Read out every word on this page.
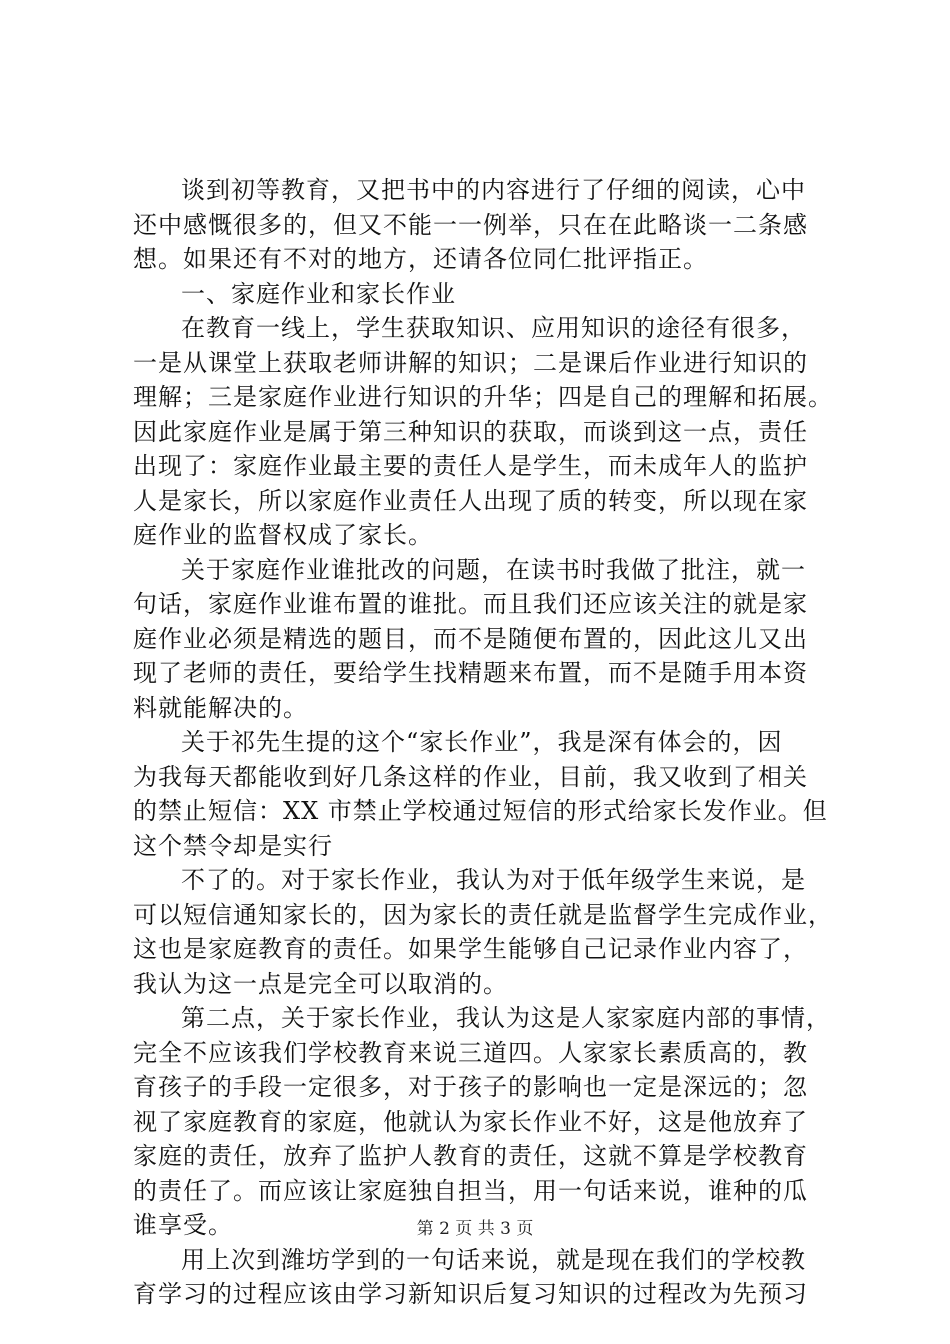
谈到初等教育，又把书中的内容进行了仔细的阅读，心中
还中感慨很多的，但又不能一一例举，只在在此略谈一二条感
想。如果还有不对的地方，还请各位同仁批评指正。
一、家庭作业和家长作业
在教育一线上，学生获取知识、应用知识的途径有很多，
一是从课堂上获取老师讲解的知识；二是课后作业进行知识的
理解；三是家庭作业进行知识的升华；四是自己的理解和拓展。
因此家庭作业是属于第三种知识的获取，而谈到这一点，责任
出现了：家庭作业最主要的责任人是学生，而未成年人的监护
人是家长，所以家庭作业责任人出现了质的转变，所以现在家
庭作业的监督权成了家长。
关于家庭作业谁批改的问题，在读书时我做了批注，就一
句话，家庭作业谁布置的谁批。而且我们还应该关注的就是家
庭作业必须是精选的题目，而不是随便布置的，因此这儿又出
现了老师的责任，要给学生找精题来布置，而不是随手用本资
料就能解决的。
关于祁先生提的这个“家长作业”，我是深有体会的，因
为我每天都能收到好几条这样的作业，目前，我又收到了相关
的禁止短信：XX 市禁止学校通过短信的形式给家长发作业。但
这个禁令却是实行
不了的。对于家长作业，我认为对于低年级学生来说，是
可以短信通知家长的，因为家长的责任就是监督学生完成作业，
这也是家庭教育的责任。如果学生能够自己记录作业内容了，
我认为这一点是完全可以取消的。
第二点，关于家长作业，我认为这是人家家庭内部的事情，
完全不应该我们学校教育来说三道四。人家家长素质高的，教
育孩子的手段一定很多，对于孩子的影响也一定是深远的；忽
视了家庭教育的家庭，他就认为家长作业不好，这是他放弃了
家庭的责任，放弃了监护人教育的责任，这就不算是学校教育
的责任了。而应该让家庭独自担当，用一句话来说，谁种的瓜
谁享受。
用上次到潍坊学到的一句话来说，就是现在我们的学校教
育学习的过程应该由学习新知识后复习知识的过程改为先预习
第 2 页 共 3 页
